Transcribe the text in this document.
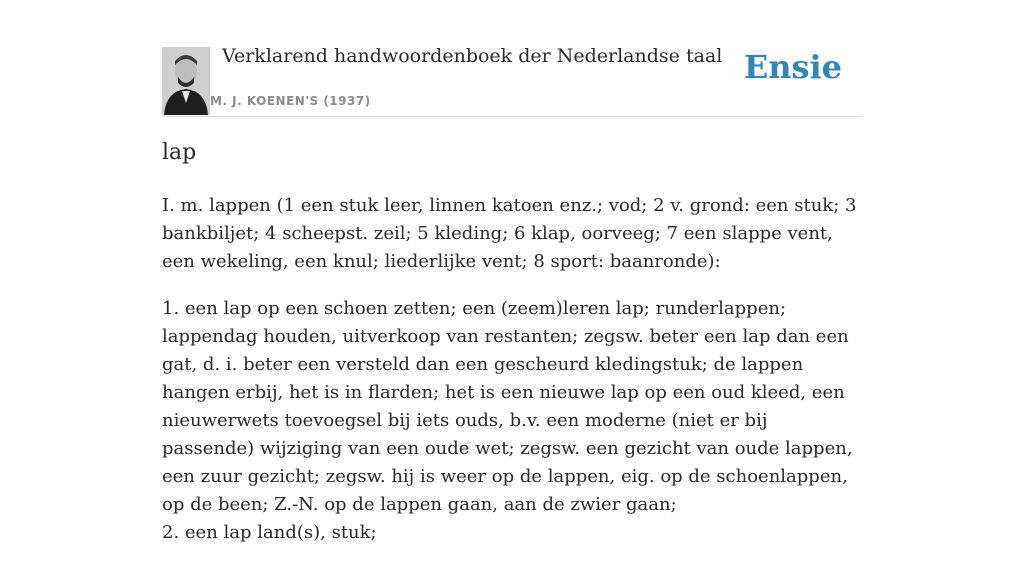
Verklarend handwoordenboek der Nederlandse taal
M. J. KOENEN'S (1937)
Ensie
lap

I. m. lappen (1 een stuk leer, linnen katoen enz.; vod; 2 v. grond: een stuk; 3 bankbiljet; 4 scheepst. zeil; 5 kleding; 6 klap, oorveeg; 7 een slappe vent, een wekeling, een knul; liederlijke vent; 8 sport: baanronde):

1. een lap op een schoen zetten; een (zeem)leren lap; runderlappen; lappendag houden, uitverkoop van restanten; zegsw. beter een lap dan een gat, d. i. beter een versteld dan een gescheurd kledingstuk; de lappen hangen erbij, het is in flarden; het is een nieuwe lap op een oud kleed, een nieuwerwets toevoegsel bij iets ouds, b.v. een moderne (niet er bij passende) wijziging van een oude wet; zegsw. een gezicht van oude lappen, een zuur gezicht; zegsw. hij is weer op de lappen, eig. op de schoenlappen, op de been; Z.-N. op de lappen gaan, aan de zwier gaan;

2. een lap land(s), stuk;
